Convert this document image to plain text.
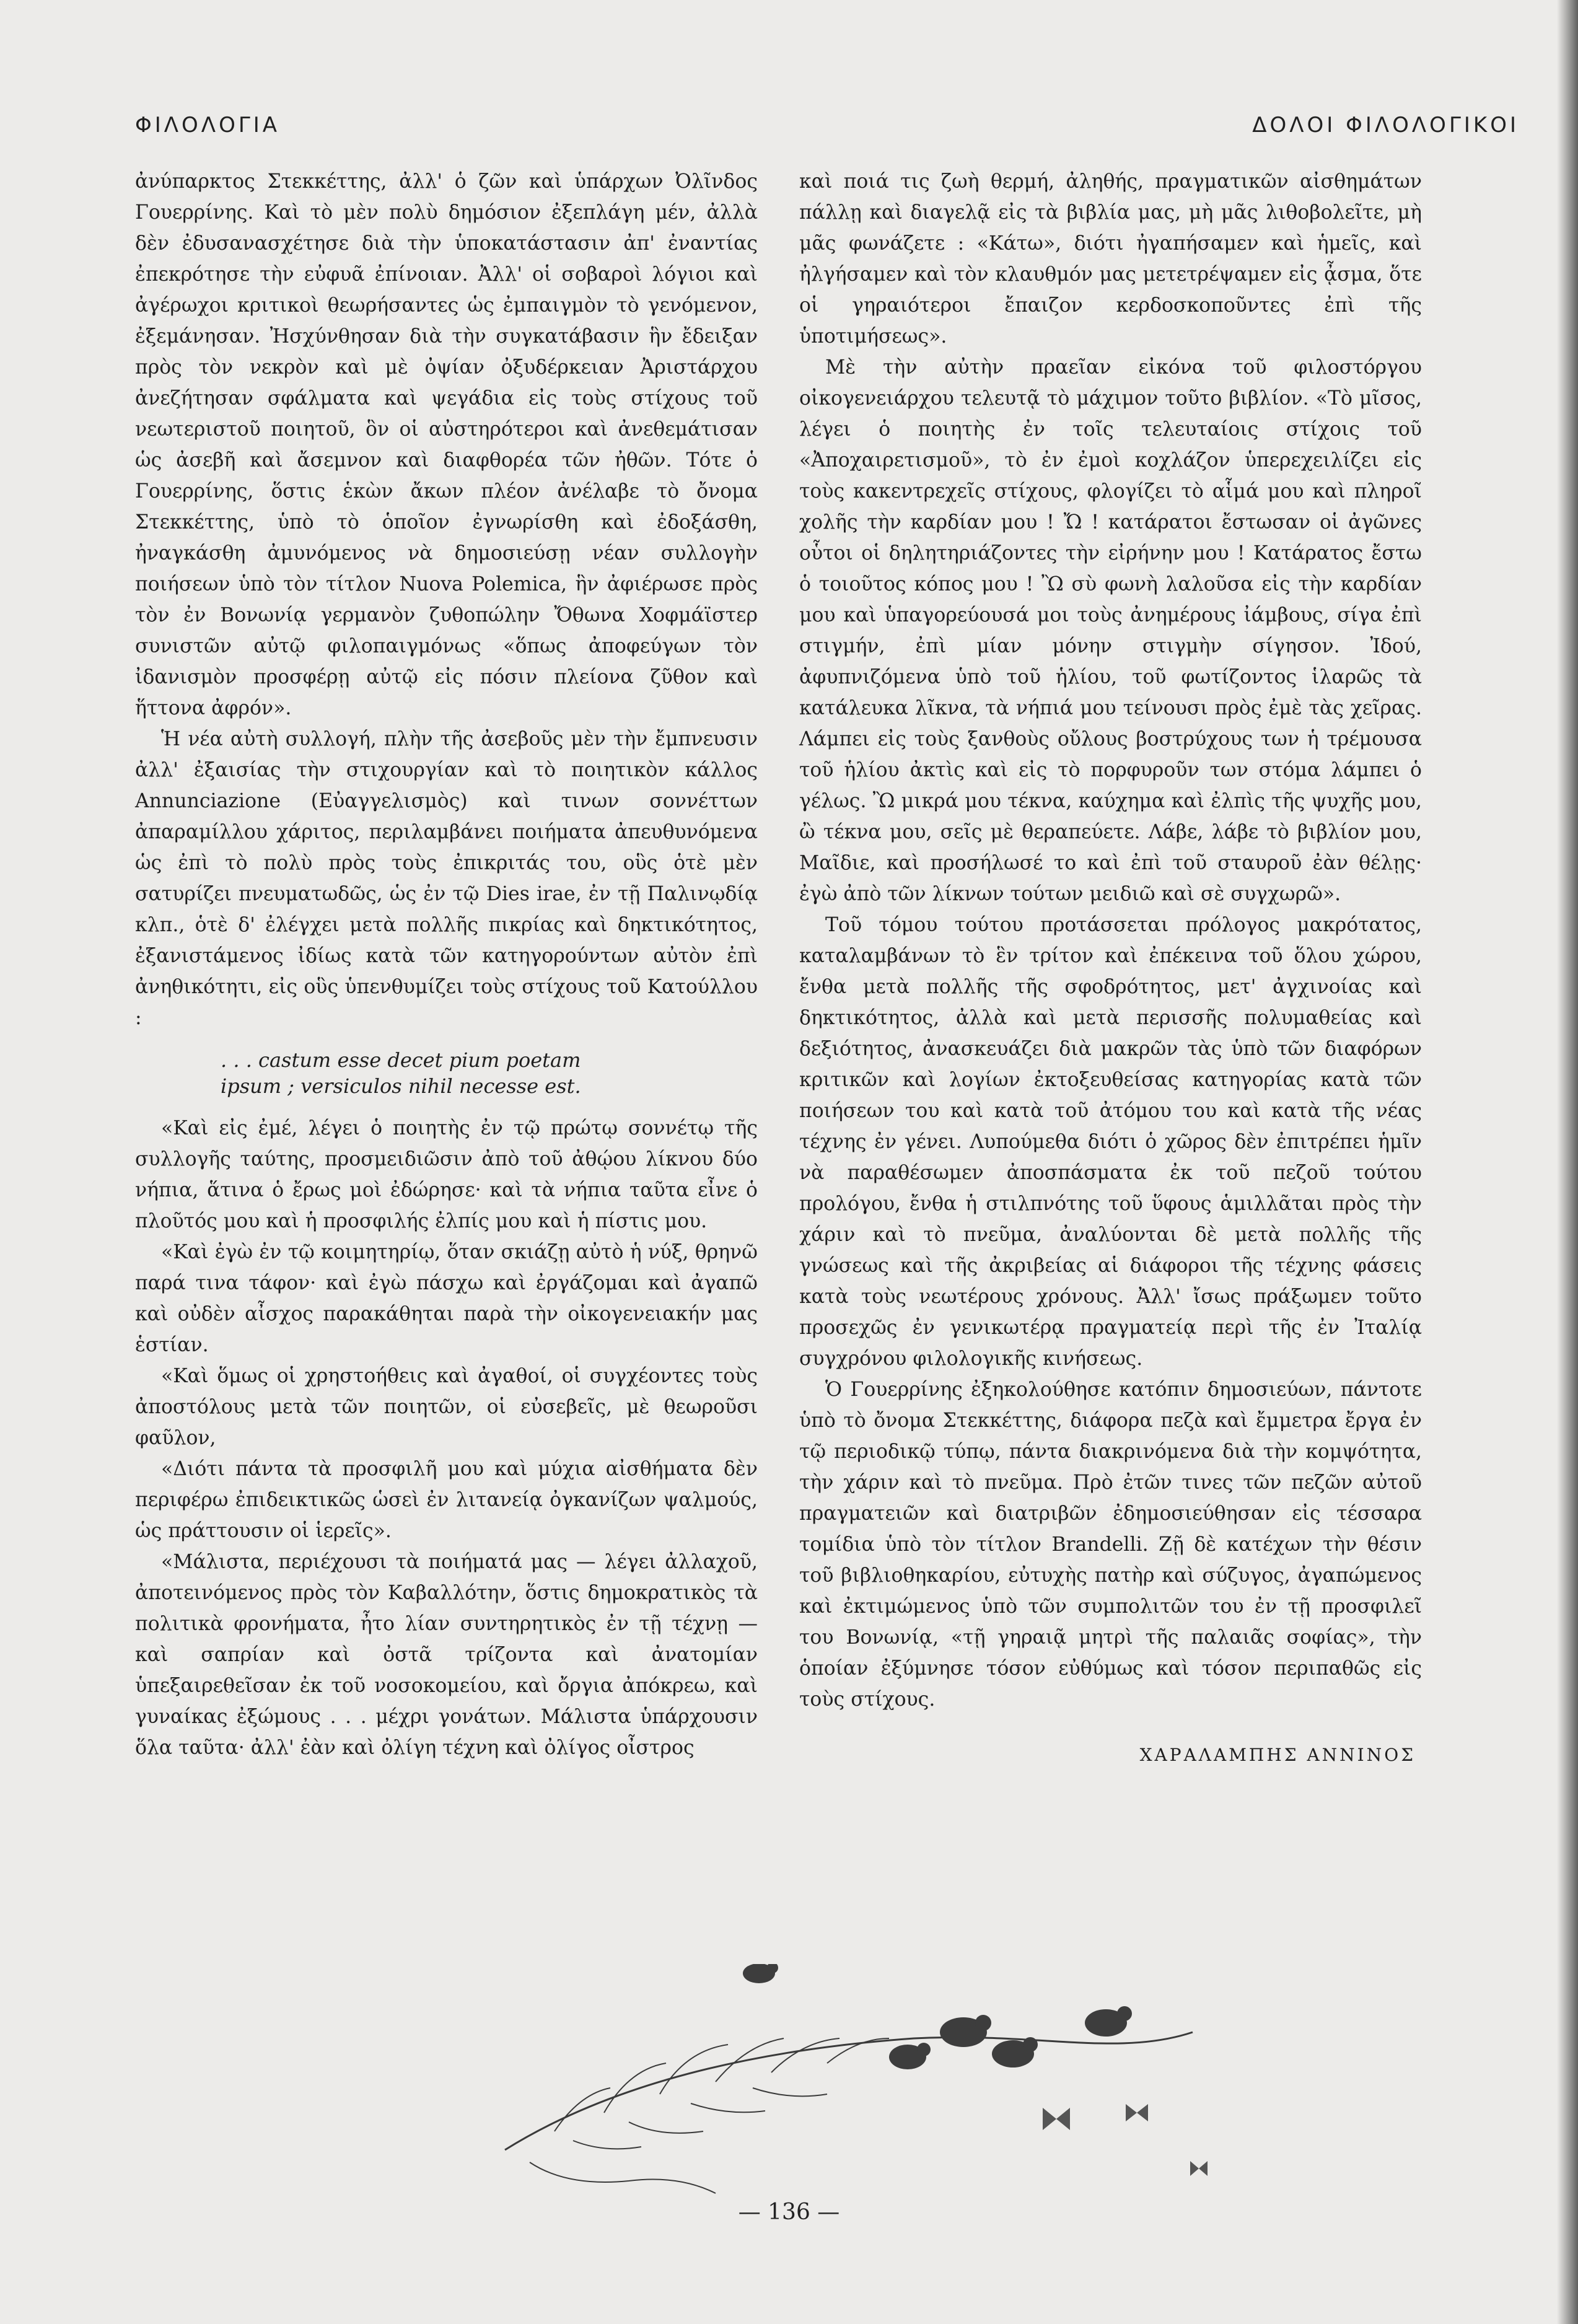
ΦΙΛΟΛΟΓΙΑ	ΔΟΛΟΙ ΦΙΛΟΛΟΓΙΚΟΙ

ἀνύπαρκτος Στεκκέττης, ἀλλ' ὁ ζῶν καὶ ὑπάρχων Ὀλῖνδος Γουερρίνης. Καὶ τὸ μὲν πολὺ δημόσιον ἐξεπλάγη μέν, ἀλλὰ δὲν ἐδυσανασχέτησε διὰ τὴν ὑποκατάστασιν ἀπ' ἐναντίας ἐπεκρότησε τὴν εὐφυᾶ ἐπίνοιαν. Ἀλλ' οἱ σοβαροὶ λόγιοι καὶ ἀγέρωχοι κριτικοὶ θεωρήσαντες ὡς ἐμπαιγμὸν τὸ γενόμενον, ἐξεμάνησαν. Ἠσχύνθησαν διὰ τὴν συγκατάβασιν ἣν ἔδειξαν πρὸς τὸν νεκρὸν καὶ μὲ ὀψίαν ὀξυδέρκειαν Ἀριστάρχου ἀνεζήτησαν σφάλματα καὶ ψεγάδια εἰς τοὺς στίχους τοῦ νεωτεριστοῦ ποιητοῦ, ὃν οἱ αὐστηρότεροι καὶ ἀνεθεμάτισαν ὡς ἀσεβῆ καὶ ἄσεμνον καὶ διαφθορέα τῶν ἠθῶν. Τότε ὁ Γουερρίνης, ὅστις ἑκὼν ἄκων πλέον ἀνέλαβε τὸ ὄνομα Στεκκέττης, ὑπὸ τὸ ὁποῖον ἐγνωρίσθη καὶ ἐδοξάσθη, ἠναγκάσθη ἀμυνόμενος νὰ δημοσιεύσῃ νέαν συλλογὴν ποιήσεων ὑπὸ τὸν τίτλον Nuova Polemica, ἣν ἀφιέρωσε πρὸς τὸν ἐν Βονωνίᾳ γερμανὸν ζυθοπώλην Ὄθωνα Χοφμάϊστερ συνιστῶν αὐτῷ φιλοπαιγμόνως «ὅπως ἀποφεύγων τὸν ἰδανισμὸν προσφέρῃ αὐτῷ εἰς πόσιν πλείονα ζῦθον καὶ ἥττονα ἀφρόν».

Ἡ νέα αὐτὴ συλλογή, πλὴν τῆς ἀσεβοῦς μὲν τὴν ἔμπνευσιν ἀλλ' ἐξαισίας τὴν στιχουργίαν καὶ τὸ ποιητικὸν κάλλος Annunciazione (Εὐαγγελισμὸς) καὶ τινων σοννέττων ἀπαραμίλλου χάριτος, περιλαμβάνει ποιήματα ἀπευθυνόμενα ὡς ἐπὶ τὸ πολὺ πρὸς τοὺς ἐπικριτάς του, οὓς ὁτὲ μὲν σατυρίζει πνευματωδῶς, ὡς ἐν τῷ Dies irae, ἐν τῇ Παλινῳδίᾳ κλπ., ὁτὲ δ' ἐλέγχει μετὰ πολλῆς πικρίας καὶ δηκτικότητος, ἐξανιστάμενος ἰδίως κατὰ τῶν κατηγορούντων αὐτὸν ἐπὶ ἀνηθικότητι, εἰς οὓς ὑπενθυμίζει τοὺς στίχους τοῦ Κατούλλου :

. . . castum esse decet pium poetam
ipsum ; versiculos nihil necesse est.

«Καὶ εἰς ἐμέ, λέγει ὁ ποιητὴς ἐν τῷ πρώτῳ σοννέτῳ τῆς συλλογῆς ταύτης, προσμειδιῶσιν ἀπὸ τοῦ ἀθῴου λίκνου δύο νήπια, ἅτινα ὁ ἔρως μοὶ ἐδώρησε· καὶ τὰ νήπια ταῦτα εἶνε ὁ πλοῦτός μου καὶ ἡ προσφιλής ἐλπίς μου καὶ ἡ πίστις μου.

«Καὶ ἐγὼ ἐν τῷ κοιμητηρίῳ, ὅταν σκιάζῃ αὐτὸ ἡ νύξ, θρηνῶ παρά τινα τάφον· καὶ ἐγὼ πάσχω καὶ ἐργάζομαι καὶ ἀγαπῶ καὶ οὐδὲν αἶσχος παρακάθηται παρὰ τὴν οἰκογενειακήν μας ἑστίαν.

«Καὶ ὅμως οἱ χρηστοήθεις καὶ ἀγαθοί, οἱ συγχέοντες τοὺς ἀποστόλους μετὰ τῶν ποιητῶν, οἱ εὐσεβεῖς, μὲ θεωροῦσι φαῦλον,

«Διότι πάντα τὰ προσφιλῆ μου καὶ μύχια αἰσθήματα δὲν περιφέρω ἐπιδεικτικῶς ὡσεὶ ἐν λιτανείᾳ ὀγκανίζων ψαλμούς, ὡς πράττουσιν οἱ ἱερεῖς».

«Μάλιστα, περιέχουσι τὰ ποιήματά μας — λέγει ἀλλαχοῦ, ἀποτεινόμενος πρὸς τὸν Καβαλλότην, ὅστις δημοκρατικὸς τὰ πολιτικὰ φρονήματα, ἦτο λίαν συντηρητικὸς ἐν τῇ τέχνῃ — καὶ σαπρίαν καὶ ὀστᾶ τρίζοντα καὶ ἀνατομίαν ὑπεξαιρεθεῖσαν ἐκ τοῦ νοσοκομείου, καὶ ὄργια ἀπόκρεω, καὶ γυναίκας ἐξώμους . . . μέχρι γονάτων. Μάλιστα ὑπάρχουσιν ὅλα ταῦτα· ἀλλ' ἐὰν καὶ ὀλίγη τέχνη καὶ ὀλίγος οἶστρος

καὶ ποιά τις ζωὴ θερμή, ἀληθής, πραγματικῶν αἰσθημάτων πάλλῃ καὶ διαγελᾷ εἰς τὰ βιβλία μας, μὴ μᾶς λιθοβολεῖτε, μὴ μᾶς φωνάζετε : «Κάτω», διότι ἠγαπήσαμεν καὶ ἡμεῖς, καὶ ἠλγήσαμεν καὶ τὸν κλαυθμόν μας μετετρέψαμεν εἰς ᾆσμα, ὅτε οἱ γηραιότεροι ἔπαιζον κερδοσκοποῦντες ἐπὶ τῆς ὑποτιμήσεως».

Μὲ τὴν αὐτὴν πραεῖαν εἰκόνα τοῦ φιλοστόργου οἰκογενειάρχου τελευτᾷ τὸ μάχιμον τοῦτο βιβλίον. «Τὸ μῖσος, λέγει ὁ ποιητὴς ἐν τοῖς τελευταίοις στίχοις τοῦ «Ἀποχαιρετισμοῦ», τὸ ἐν ἐμοὶ κοχλάζον ὑπερεχειλίζει εἰς τοὺς κακεντρεχεῖς στίχους, φλογίζει τὸ αἷμά μου καὶ πληροῖ χολῆς τὴν καρδίαν μου ! Ὤ ! κατάρατοι ἔστωσαν οἱ ἀγῶνες οὗτοι οἱ δηλητηριάζοντες τὴν εἰρήνην μου ! Κατάρατος ἔστω ὁ τοιοῦτος κόπος μου ! Ὢ σὺ φωνὴ λαλοῦσα εἰς τὴν καρδίαν μου καὶ ὑπαγορεύουσά μοι τοὺς ἀνημέρους ἰάμβους, σίγα ἐπὶ στιγμήν, ἐπὶ μίαν μόνην στιγμὴν σίγησον. Ἰδού, ἀφυπνιζόμενα ὑπὸ τοῦ ἡλίου, τοῦ φωτίζοντος ἱλαρῶς τὰ κατάλευκα λῖκνα, τὰ νήπιά μου τείνουσι πρὸς ἐμὲ τὰς χεῖρας. Λάμπει εἰς τοὺς ξανθοὺς οὔλους βοστρύχους των ἡ τρέμουσα τοῦ ἡλίου ἀκτὶς καὶ εἰς τὸ πορφυροῦν των στόμα λάμπει ὁ γέλως. Ὢ μικρά μου τέκνα, καύχημα καὶ ἐλπὶς τῆς ψυχῆς μου, ὢ τέκνα μου, σεῖς μὲ θεραπεύετε. Λάβε, λάβε τὸ βιβλίον μου, Μαῖδιε, καὶ προσήλωσέ το καὶ ἐπὶ τοῦ σταυροῦ ἐὰν θέλῃς· ἐγὼ ἀπὸ τῶν λίκνων τούτων μειδιῶ καὶ σὲ συγχωρῶ».

Τοῦ τόμου τούτου προτάσσεται πρόλογος μακρότατος, καταλαμβάνων τὸ ἓν τρίτον καὶ ἐπέκεινα τοῦ ὅλου χώρου, ἔνθα μετὰ πολλῆς τῆς σφοδρότητος, μετ' ἀγχινοίας καὶ δηκτικότητος, ἀλλὰ καὶ μετὰ περισσῆς πολυμαθείας καὶ δεξιότητος, ἀνασκευάζει διὰ μακρῶν τὰς ὑπὸ τῶν διαφόρων κριτικῶν καὶ λογίων ἐκτοξευθείσας κατηγορίας κατὰ τῶν ποιήσεων του καὶ κατὰ τοῦ ἀτόμου του καὶ κατὰ τῆς νέας τέχνης ἐν γένει. Λυπούμεθα διότι ὁ χῶρος δὲν ἐπιτρέπει ἡμῖν νὰ παραθέσωμεν ἀποσπάσματα ἐκ τοῦ πεζοῦ τούτου προλόγου, ἔνθα ἡ στιλπνότης τοῦ ὕφους ἁμιλλᾶται πρὸς τὴν χάριν καὶ τὸ πνεῦμα, ἀναλύονται δὲ μετὰ πολλῆς τῆς γνώσεως καὶ τῆς ἀκριβείας αἱ διάφοροι τῆς τέχνης φάσεις κατὰ τοὺς νεωτέρους χρόνους. Ἀλλ' ἴσως πράξωμεν τοῦτο προσεχῶς ἐν γενικωτέρᾳ πραγματείᾳ περὶ τῆς ἐν Ἰταλίᾳ συγχρόνου φιλολογικῆς κινήσεως.

Ὁ Γουερρίνης ἐξηκολούθησε κατόπιν δημοσιεύων, πάντοτε ὑπὸ τὸ ὄνομα Στεκκέττης, διάφορα πεζὰ καὶ ἔμμετρα ἔργα ἐν τῷ περιοδικῷ τύπῳ, πάντα διακρινόμενα διὰ τὴν κομψότητα, τὴν χάριν καὶ τὸ πνεῦμα. Πρὸ ἐτῶν τινες τῶν πεζῶν αὐτοῦ πραγματειῶν καὶ διατριβῶν ἐδημοσιεύθησαν εἰς τέσσαρα τομίδια ὑπὸ τὸν τίτλον Brandelli. Ζῇ δὲ κατέχων τὴν θέσιν τοῦ βιβλιοθηκαρίου, εὐτυχὴς πατὴρ καὶ σύζυγος, ἀγαπώμενος καὶ ἐκτιμώμενος ὑπὸ τῶν συμπολιτῶν του ἐν τῇ προσφιλεῖ του Βονωνίᾳ, «τῇ γηραιᾷ μητρὶ τῆς παλαιᾶς σοφίας», τὴν ὁποίαν ἐξύμνησε τόσον εὐθύμως καὶ τόσον περιπαθῶς εἰς τοὺς στίχους.

ΧΑΡΑΛΑΜΠΗΣ ΑΝΝΙΝΟΣ
— 136 —
